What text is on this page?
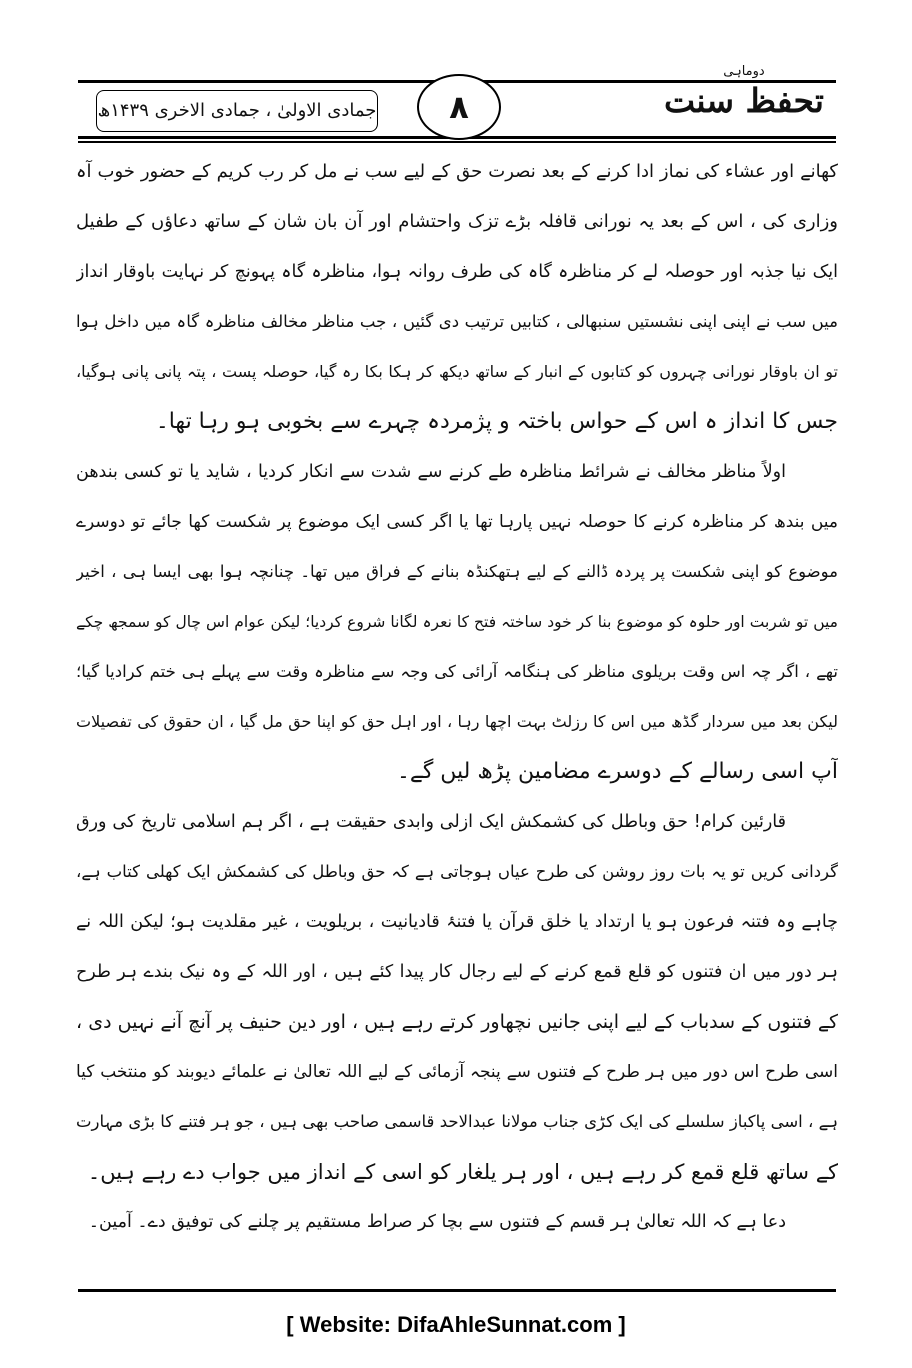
جمادی الاولیٰ ، جمادی الاخری ۱۴۳۹ھ	۸
دوماہی
تحفظ سنت
کھانے اور عشاء کی نماز ادا کرنے کے بعد نصرت حق کے لیے سب نے مل کر رب کریم کے حضور خوب آہ
وزاری کی ، اس کے بعد یہ نورانی قافلہ بڑے تزک واحتشام اور آن بان شان کے ساتھ دعاؤں کے طفیل
ایک نیا جذبہ اور حوصلہ لے کر مناظرہ گاہ کی طرف روانہ ہوا، مناظرہ گاہ پہونچ کر نہایت باوقار انداز
میں سب نے اپنی اپنی نشستیں سنبھالی ، کتابیں ترتیب دی گئیں ، جب مناظر مخالف مناظرہ گاہ میں داخل ہوا
تو ان باوقار نورانی چہروں کو کتابوں کے انبار کے ساتھ دیکھ کر ہکا بکا رہ گیا، حوصلہ پست ، پتہ پانی پانی ہوگیا،
جس کا انداز ہ اس کے حواس باختہ و پژمردہ چہرے سے بخوبی ہو رہا تھا۔
اولاً مناظر مخالف نے شرائط مناظرہ طے کرنے سے شدت سے انکار کردیا ، شاید یا تو کسی بندھن
میں بندھ کر مناظرہ کرنے کا حوصلہ نہیں پارہا تھا یا اگر کسی ایک موضوع پر شکست کھا جائے تو دوسرے
موضوع کو اپنی شکست پر پردہ ڈالنے کے لیے ہتھکنڈہ بنانے کے فراق میں تھا۔ چنانچہ ہوا بھی ایسا ہی ، اخیر
میں تو شربت اور حلوہ کو موضوع بنا کر خود ساختہ فتح کا نعرہ لگانا شروع کردیا؛ لیکن عوام اس چال کو سمجھ چکے
تھے ، اگر چہ اس وقت بریلوی مناظر کی ہنگامہ آرائی کی وجہ سے مناظرہ وقت سے پہلے ہی ختم کرادیا گیا؛
لیکن بعد میں سردار گڈھ میں اس کا رزلٹ بہت اچھا رہا ، اور اہل حق کو اپنا حق مل گیا ، ان حقوق کی تفصیلات
آپ اسی رسالے کے دوسرے مضامین پڑھ لیں گے۔
قارئین کرام! حق وباطل کی کشمکش ایک ازلی وابدی حقیقت ہے ، اگر ہم اسلامی تاریخ کی ورق
گردانی کریں تو یہ بات روز روشن کی طرح عیاں ہوجاتی ہے کہ حق وباطل کی کشمکش ایک کھلی کتاب ہے،
چاہے وہ فتنہ فرعون ہو یا ارتداد یا خلق قرآن یا فتنۂ قادیانیت ، بریلویت ، غیر مقلدیت ہو؛ لیکن اللہ نے
ہر دور میں ان فتنوں کو قلع قمع کرنے کے لیے رجال کار پیدا کئے ہیں ، اور اللہ کے وہ نیک بندے ہر طرح
کے فتنوں کے سدباب کے لیے اپنی جانیں نچھاور کرتے رہے ہیں ، اور دین حنیف پر آنچ آنے نہیں دی ،
اسی طرح اس دور میں ہر طرح کے فتنوں سے پنجہ آزمائی کے لیے اللہ تعالیٰ نے علمائے دیوبند کو منتخب کیا
ہے ، اسی پاکباز سلسلے کی ایک کڑی جناب مولانا عبدالاحد قاسمی صاحب بھی ہیں ، جو ہر فتنے کا بڑی مہارت
کے ساتھ قلع قمع کر رہے ہیں ، اور ہر یلغار کو اسی کے انداز میں جواب دے رہے ہیں۔
دعا ہے کہ اللہ تعالیٰ ہر قسم کے فتنوں سے بچا کر صراط مستقیم پر چلنے کی توفیق دے۔ آمین۔
[ Website: DifaAhleSunnat.com ]
